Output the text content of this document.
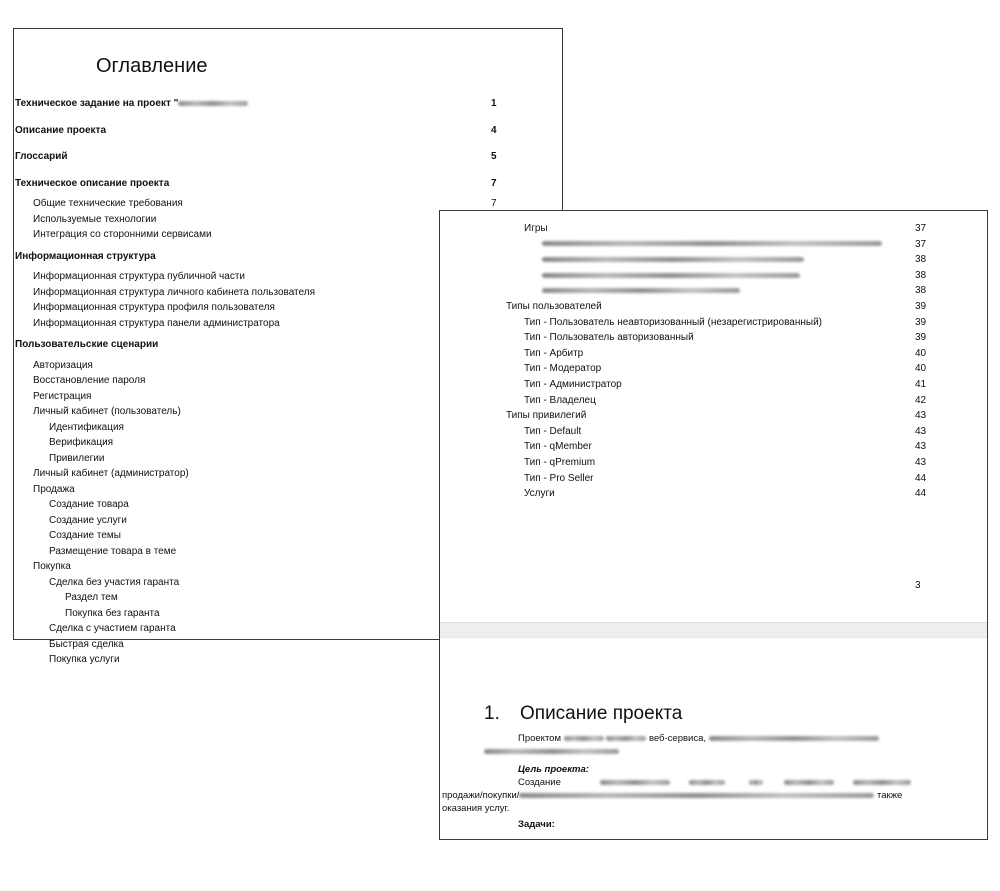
Оглавление
Техническое задание на проект "	1
Описание проекта	4
Глоссарий	5
Техническое описание проекта	7
Общие технические требования	7
Используемые технологии
Интеграция со сторонними сервисами
Информационная структура
Информационная структура публичной части
Информационная структура личного кабинета пользователя
Информационная структура профиля пользователя
Информационная структура панели администратора
Пользовательские сценарии
Авторизация
Восстановление пароля
Регистрация
Личный кабинет (пользователь)
Идентификация
Верификация
Привилегии
Личный кабинет (администратор)
Продажа
Создание товара
Создание услуги
Создание темы
Размещение товара в теме
Покупка
Сделка без участия гаранта
Раздел тем
Покупка без гаранта
Сделка с участием гаранта
Быстрая сделка
Покупка услуги
Игры	37
37
38
38
38
Типы пользователей	39
Тип - Пользователь неавторизованный (незарегистрированный)	39
Тип - Пользователь авторизованный	39
Тип - Арбитр	40
Тип - Модератор	40
Тип - Администратор	41
Тип - Владелец	42
Типы привилегий	43
Тип - Default	43
Тип - qMember	43
Тип - qPremium	43
Тип - Pro Seller	44
Услуги	44
3
1. Описание проекта
Проектом	веб-сервиса,
Цель проекта:
Создание
продажи/покупки/	также
оказания услуг.
Задачи:
